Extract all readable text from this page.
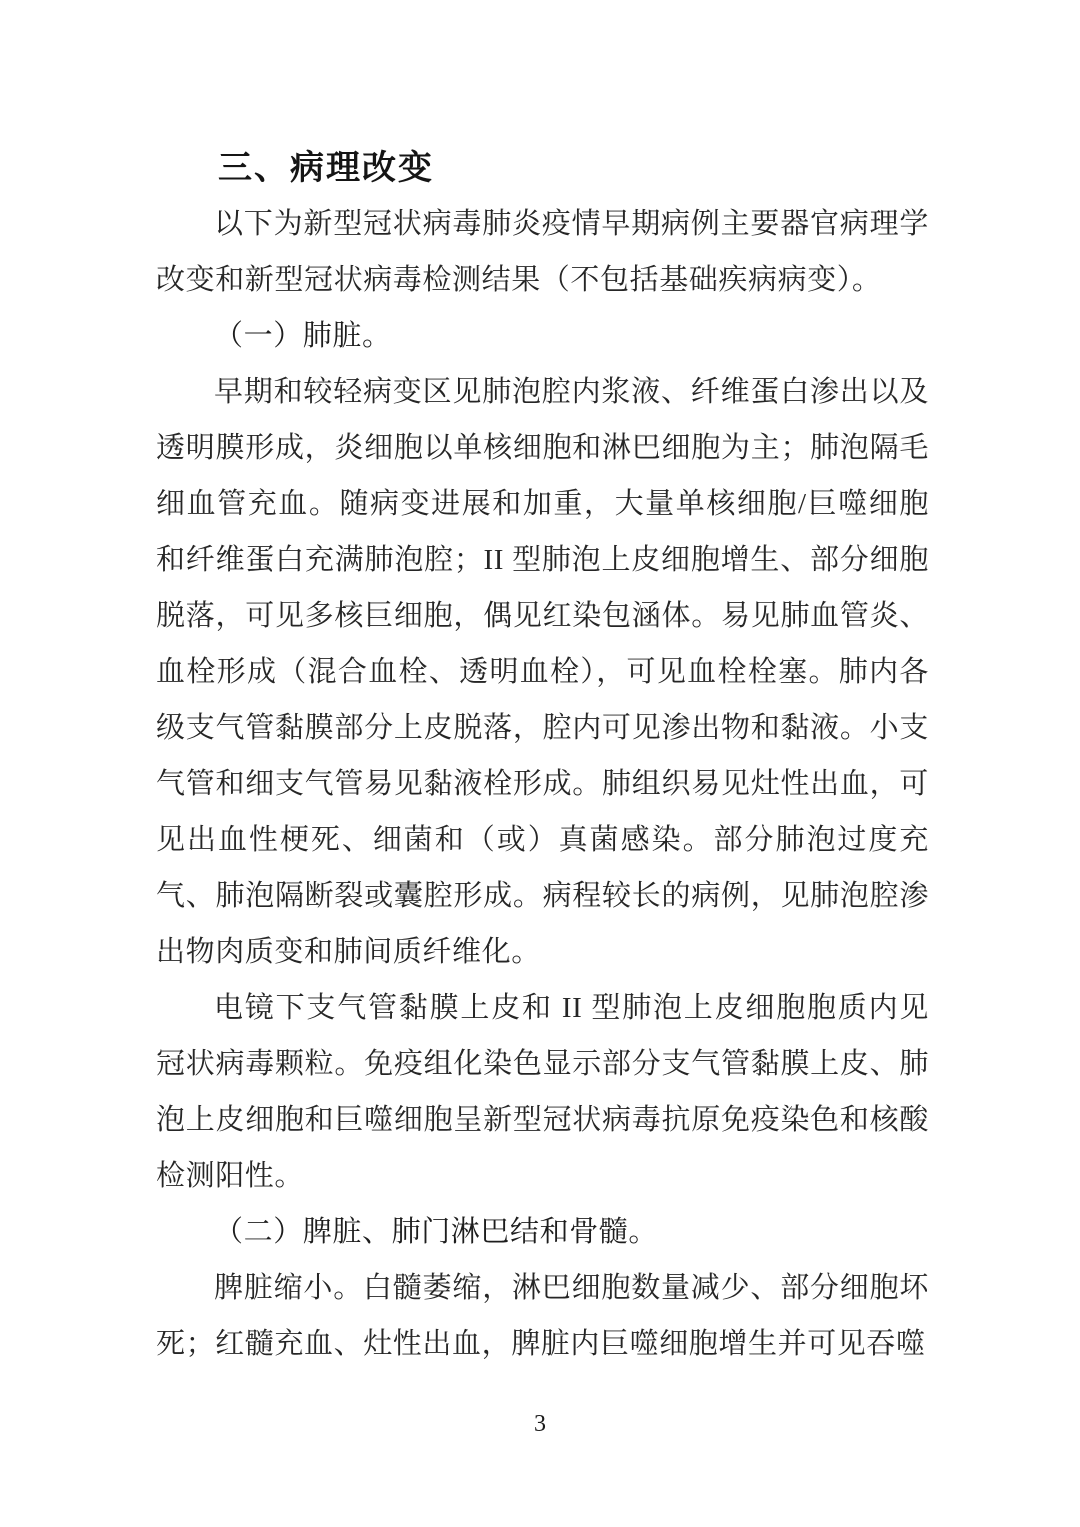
三、病理改变

以下为新型冠状病毒肺炎疫情早期病例主要器官病理学改变和新型冠状病毒检测结果（不包括基础疾病病变）。

（一）肺脏。

早期和较轻病变区见肺泡腔内浆液、纤维蛋白渗出以及透明膜形成，炎细胞以单核细胞和淋巴细胞为主；肺泡隔毛细血管充血。随病变进展和加重，大量单核细胞/巨噬细胞和纤维蛋白充满肺泡腔；II 型肺泡上皮细胞增生、部分细胞脱落，可见多核巨细胞，偶见红染包涵体。易见肺血管炎、血栓形成（混合血栓、透明血栓），可见血栓栓塞。肺内各级支气管黏膜部分上皮脱落，腔内可见渗出物和黏液。小支气管和细支气管易见黏液栓形成。肺组织易见灶性出血，可见出血性梗死、细菌和（或）真菌感染。部分肺泡过度充气、肺泡隔断裂或囊腔形成。病程较长的病例，见肺泡腔渗出物肉质变和肺间质纤维化。

电镜下支气管黏膜上皮和 II 型肺泡上皮细胞胞质内见冠状病毒颗粒。免疫组化染色显示部分支气管黏膜上皮、肺泡上皮细胞和巨噬细胞呈新型冠状病毒抗原免疫染色和核酸检测阳性。

（二）脾脏、肺门淋巴结和骨髓。

脾脏缩小。白髓萎缩，淋巴细胞数量减少、部分细胞坏死；红髓充血、灶性出血，脾脏内巨噬细胞增生并可见吞噬

3
